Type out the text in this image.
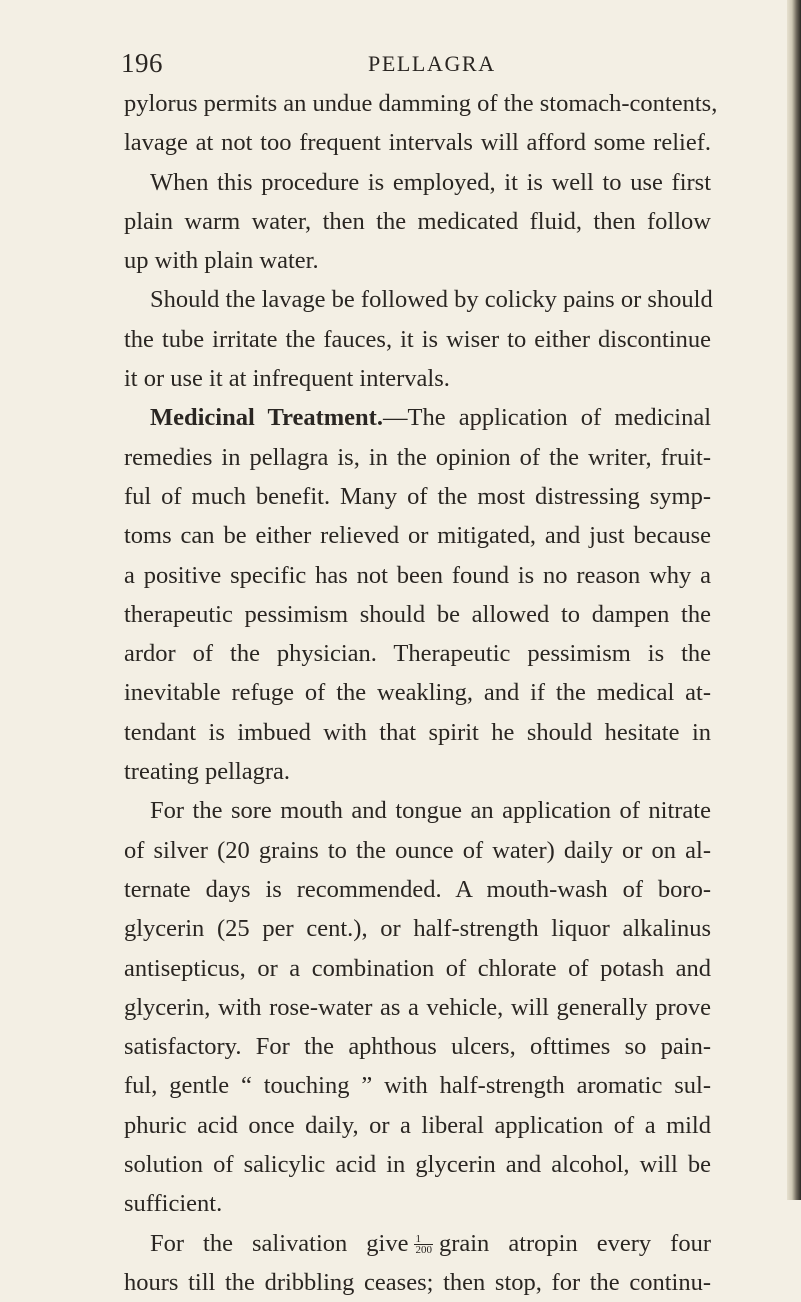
196	PELLAGRA
pylorus permits an undue damming of the stomach-contents,
lavage at not too frequent intervals will afford some relief.
When this procedure is employed, it is well to use first
plain warm water, then the medicated fluid, then follow
up with plain water.
Should the lavage be followed by colicky pains or should
the tube irritate the fauces, it is wiser to either discontinue
it or use it at infrequent intervals.
Medicinal Treatment.—The application of medicinal
remedies in pellagra is, in the opinion of the writer, fruit-
ful of much benefit. Many of the most distressing symp-
toms can be either relieved or mitigated, and just because
a positive specific has not been found is no reason why a
therapeutic pessimism should be allowed to dampen the
ardor of the physician. Therapeutic pessimism is the
inevitable refuge of the weakling, and if the medical at-
tendant is imbued with that spirit he should hesitate in
treating pellagra.
For the sore mouth and tongue an application of nitrate
of silver (20 grains to the ounce of water) daily or on al-
ternate days is recommended. A mouth-wash of boro-
glycerin (25 per cent.), or half-strength liquor alkalinus
antisepticus, or a combination of chlorate of potash and
glycerin, with rose-water as a vehicle, will generally prove
satisfactory. For the aphthous ulcers, ofttimes so pain-
ful, gentle “ touching ” with half-strength aromatic sul-
phuric acid once daily, or a liberal application of a mild
solution of salicylic acid in glycerin and alcohol, will be
sufficient.
For the salivation give $\frac{1}{200}$ grain atropin every four
hours till the dribbling ceases; then stop, for the continu-
